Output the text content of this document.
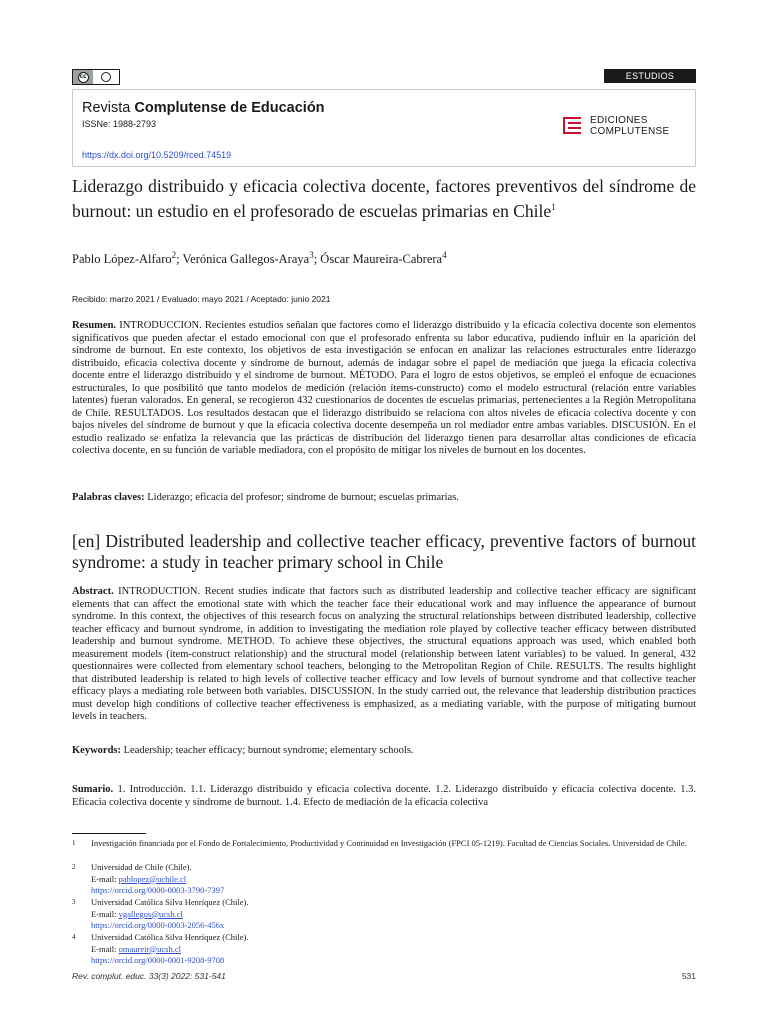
cc	ESTUDIOS
Revista Complutense de Educación
ISSNe: 1988-2793
https://dx.doi.org/10.5209/rced.74519
EDICIONES
COMPLUTENSE
Liderazgo distribuido y eficacia colectiva docente, factores preventivos del síndrome de burnout: un estudio en el profesorado de escuelas primarias en Chile$^1$
Pablo López-Alfaro$^2$; Verónica Gallegos-Araya$^3$; Óscar Maureira-Cabrera$^4$
Recibido: marzo 2021 / Evaluado: mayo 2021 / Aceptado: junio 2021
Resumen. INTRODUCCION. Recientes estudios señalan que factores como el liderazgo distribuido y la eficacia colectiva docente son elementos significativos que pueden afectar el estado emocional con que el profesorado enfrenta su labor educativa, pudiendo influir en la aparición del síndrome de burnout. En este contexto, los objetivos de esta investigación se enfocan en analizar las relaciones estructurales entre liderazgo distribuido, eficacia colectiva docente y síndrome de burnout, además de indagar sobre el papel de mediación que juega la eficacia colectiva docente entre el liderazgo distribuido y el síndrome de burnout. MÉTODO. Para el logro de estos objetivos, se empleó el enfoque de ecuaciones estructurales, lo que posibilitó que tanto modelos de medición (relación ítems-constructo) como el modelo estructural (relación entre variables latentes) fueran valorados. En general, se recogieron 432 cuestionarios de docentes de escuelas primarias, pertenecientes a la Región Metropolitana de Chile. RESULTADOS. Los resultados destacan que el liderazgo distribuido se relaciona con altos niveles de eficacia colectiva docente y con bajos niveles del síndrome de burnout y que la eficacia colectiva docente desempeña un rol mediador entre ambas variables. DISCUSIÓN. En el estudio realizado se enfatiza la relevancia que las prácticas de distribución del liderazgo tienen para desarrollar altas condiciones de eficacia colectiva docente, en su función de variable mediadora, con el propósito de mitigar los niveles de burnout en los docentes.
Palabras claves: Liderazgo; eficacia del profesor; síndrome de burnout; escuelas primarias.
[en] Distributed leadership and collective teacher efficacy, preventive factors of burnout syndrome: a study in teacher primary school in Chile
Abstract. INTRODUCTION. Recent studies indicate that factors such as distributed leadership and collective teacher efficacy are significant elements that can affect the emotional state with which the teacher face their educational work and may influence the appearance of burnout syndrome. In this context, the objectives of this research focus on analyzing the structural relationships between distributed leadership, collective teacher efficacy and burnout syndrome, in addition to investigating the mediation role played by collective teacher efficacy between distributed leadership and burnout syndrome. METHOD. To achieve these objectives, the structural equations approach was used, which enabled both measurement models (item-construct relationship) and the structural model (relationship between latent variables) to be valued. In general, 432 questionnaires were collected from elementary school teachers, belonging to the Metropolitan Region of Chile. RESULTS. The results highlight that distributed leadership is related to high levels of collective teacher efficacy and low levels of burnout syndrome and that collective teacher efficacy plays a mediating role between both variables. DISCUSSION. In the study carried out, the relevance that leadership distribution practices must develop high conditions of collective teacher effectiveness is emphasized, as a mediating variable, with the purpose of mitigating burnout levels in teachers.
Keywords: Leadership; teacher efficacy; burnout syndrome; elementary schools.
Sumario. 1. Introducción. 1.1. Liderazgo distribuido y eficacia colectiva docente. 1.2. Liderazgo distribuido y eficacia colectiva docente. 1.3. Eficacia colectiva docente y síndrome de burnout. 1.4. Efecto de mediación de la eficacia colectiva
1 Investigación financiada por el Fondo de Fortalecimiento, Productividad y Continuidad en Investigación (FPCI 05-1219). Facultad de Ciencias Sociales. Universidad de Chile.
2 Universidad de Chile (Chile).
E-mail: pablopez@uchile.cl
https://orcid.org/0000-0003-3790-7397
3 Universidad Católica Silva Henríquez (Chile).
E-mail: vgallegos@ucsh.cl
https://orcid.org/0000-0003-2056-456x
4 Universidad Católica Silva Henríquez (Chile).
E-mail: omaureir@ucsh.cl
https://orcid.org/0000-0001-9208-9708
Rev. complut. educ. 33(3) 2022: 531-541	531
